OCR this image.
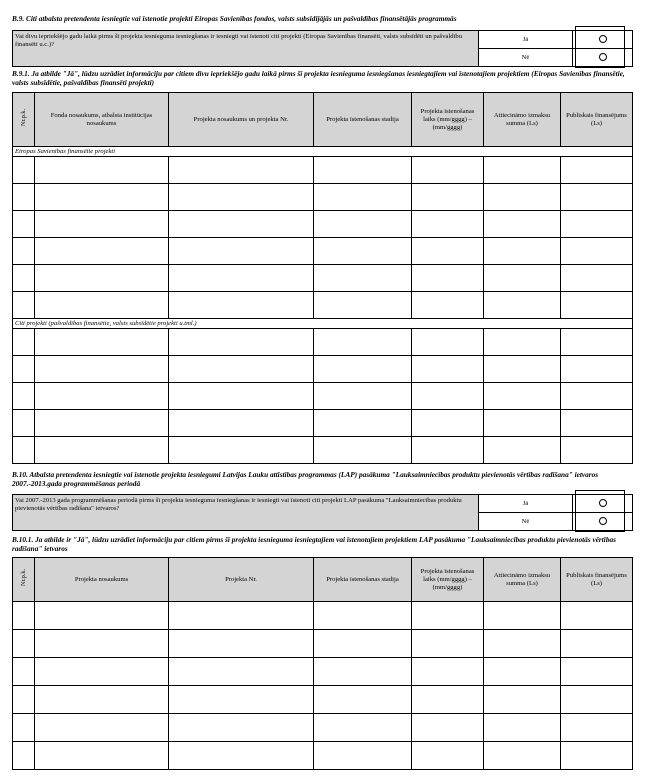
B.9. Citi atbalsta pretendenta iesniegtie vai īstenotie projekti Eiropas Savienības fondos, valsts subsīdijājās un pašvaldības finansētājās programmās
Vai divu iepriekšējo gadu laikā pirms šī projekta iesnieguma iesniegšanas ir iesniegti vai īstenoti citi projekti (Eiropas Savienības finansēti, valsts subsīdēti un pašvaldību finansēti u.c.)?	Jā	
	Nē	
B.9.1. Ja atbilde "Jā", lūdzu uzrādiet informāciju par citiem divu iepriekšējo gadu laikā pirms šī projekta iesnieguma iesniegšanas iesniegtajiem vai īstenotajiem projektiem (Eiropas Savienības finansētie, valsts subsīdētie, pašvaldības finansēti projekti)
Nr.p.k.	Fonda nosaukums, atbalsta institūcijas nosaukums	Projekta nosaukums un projekta Nr.	Projekta īstenošanas stadija	Projekta īstenošanas laiks (mm/gggg) – (mm/gggg)	Attiecināmo izmaksu summa (Ls)	Publiskais finansējums (Ls)
Eiropas Savienības finansētie projekti						

Citi projekti (pašvaldības finansētie, valsts subsīdētie projekti u.tml.)						

B.10. Atbalsta pretendenta iesniegtie vai īstenotie projekta iesniegumi Latvijas Lauku attīstības programmas (LAP) pasākuma "Lauksaimniecības produktu pievienotās vērtības radīšana" ietvaros 2007.-2013.gada programmēšanas periodā
Vai 2007.-2013 gada programmēšanas periodā pirms šī projekta iesnieguma iesniegšanas ir iesniegti vai īstenoti citi projekti LAP pasākuma "Lauksaimniecības produktu pievienotās vērtības radīšana" ietvaros?	Jā	
	Nē	
B.10.1. Ja atbilde ir "Jā", lūdzu uzrādiet informāciju par citiem pirms šī projekta iesnieguma iesniegtajiem vai īstenotajiem projektiem LAP pasākuma "Lauksaimniecības produktu pievienotās vērtības radīšana" ietvaros
Nr.p.k.	Projekta nosaukums	Projekta Nr.	Projekta īstenošanas stadija	Projekta īstenošanas laiks (mm/gggg) – (mm/gggg)	Attiecināmo izmaksu summa (Ls)	Publiskais finansējums (Ls)
